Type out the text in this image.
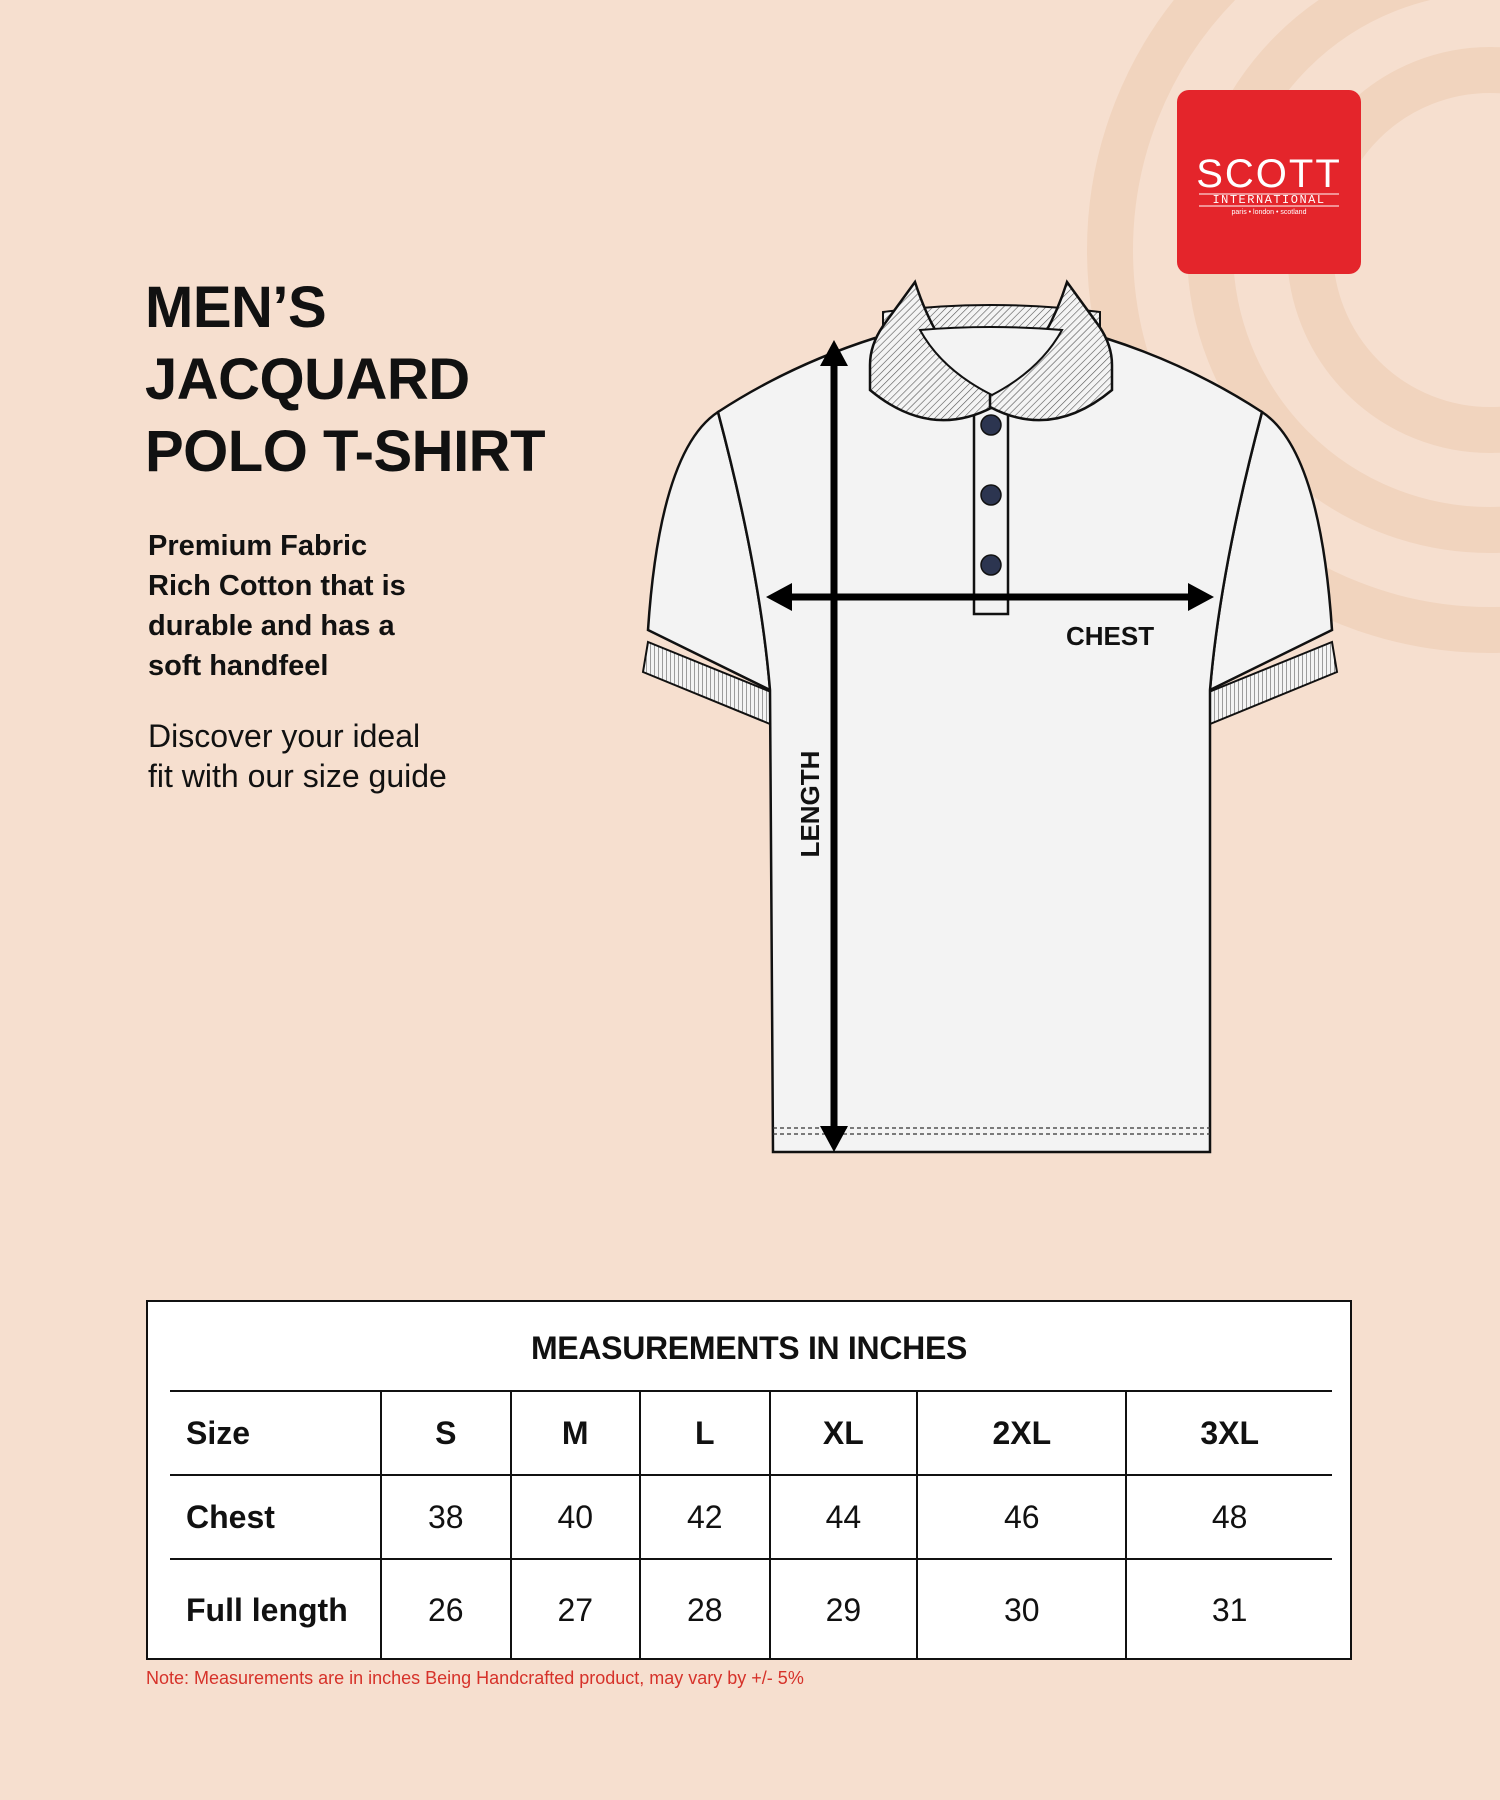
SCOTT
INTERNATIONAL
paris • london • scotland
MEN’S
JACQUARD
POLO T-SHIRT
Premium Fabric
Rich Cotton that is
durable and has a
soft handfeel
Discover your ideal
fit with our size guide
CHEST
LENGTH
MEASUREMENTS IN INCHES
Size	S	M	L	XL	2XL	3XL
Chest	38	40	42	44	46	48
Full length	26	27	28	29	30	31
Note: Measurements are in inches Being Handcrafted product, may vary by +/- 5%
